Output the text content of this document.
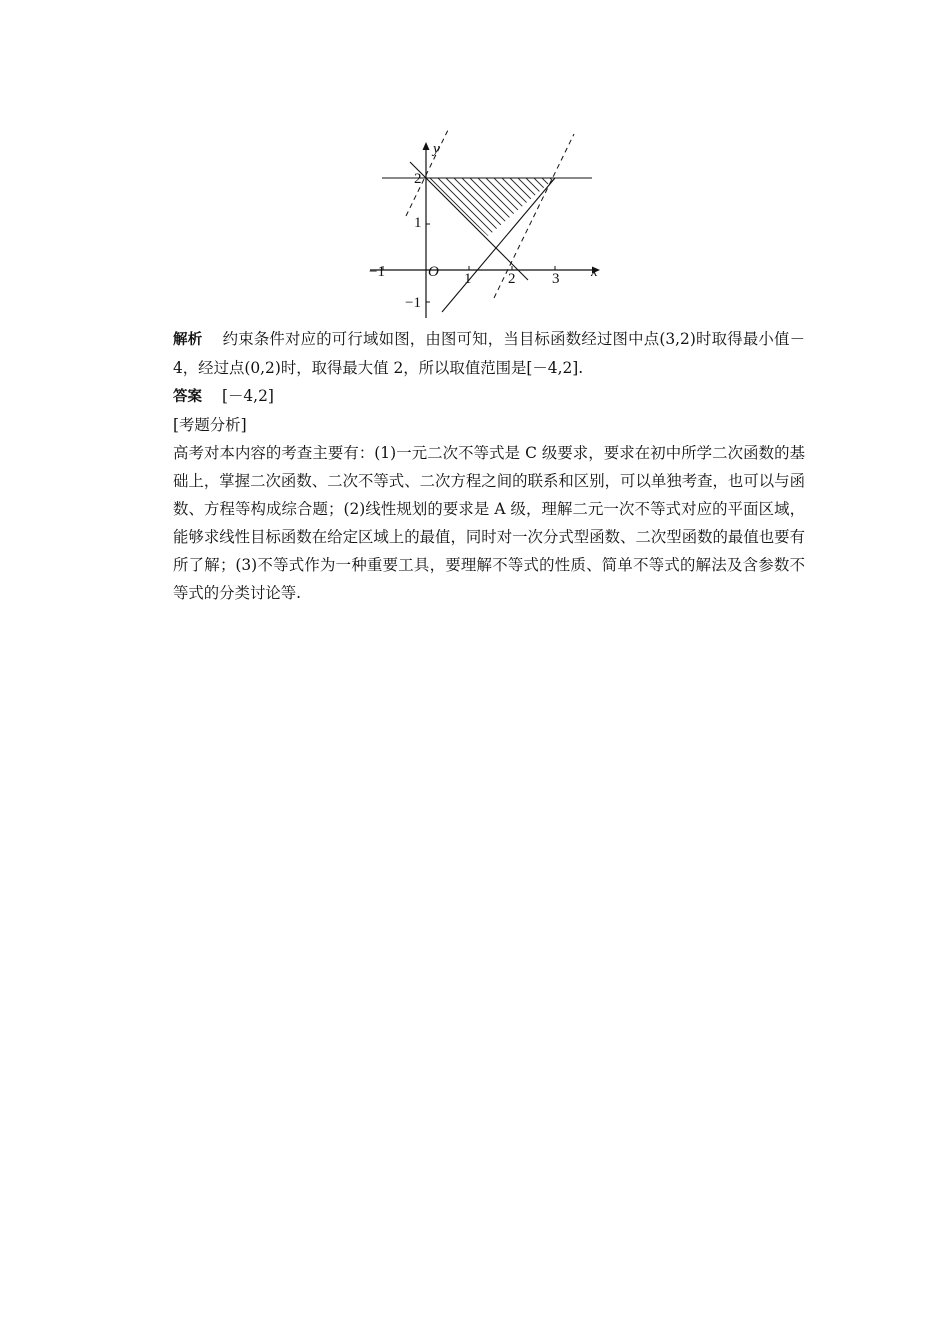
y
x
O
2
1
−1
−1	1 2 3

解析 约束条件对应的可行域如图，由图可知，当目标函数经过图中点(3,2)时取得最小值－4，经过点(0,2)时，取得最大值 2，所以取值范围是[－4,2].

答案 [－4,2]

[考题分析]

高考对本内容的考查主要有：(1)一元二次不等式是 C 级要求，要求在初中所学二次函数的基础上，掌握二次函数、二次不等式、二次方程之间的联系和区别，可以单独考查，也可以与函数、方程等构成综合题；(2)线性规划的要求是 A 级，理解二元一次不等式对应的平面区域，能够求线性目标函数在给定区域上的最值，同时对一次分式型函数、二次型函数的最值也要有所了解；(3)不等式作为一种重要工具，要理解不等式的性质、简单不等式的解法及含参数不等式的分类讨论等.
